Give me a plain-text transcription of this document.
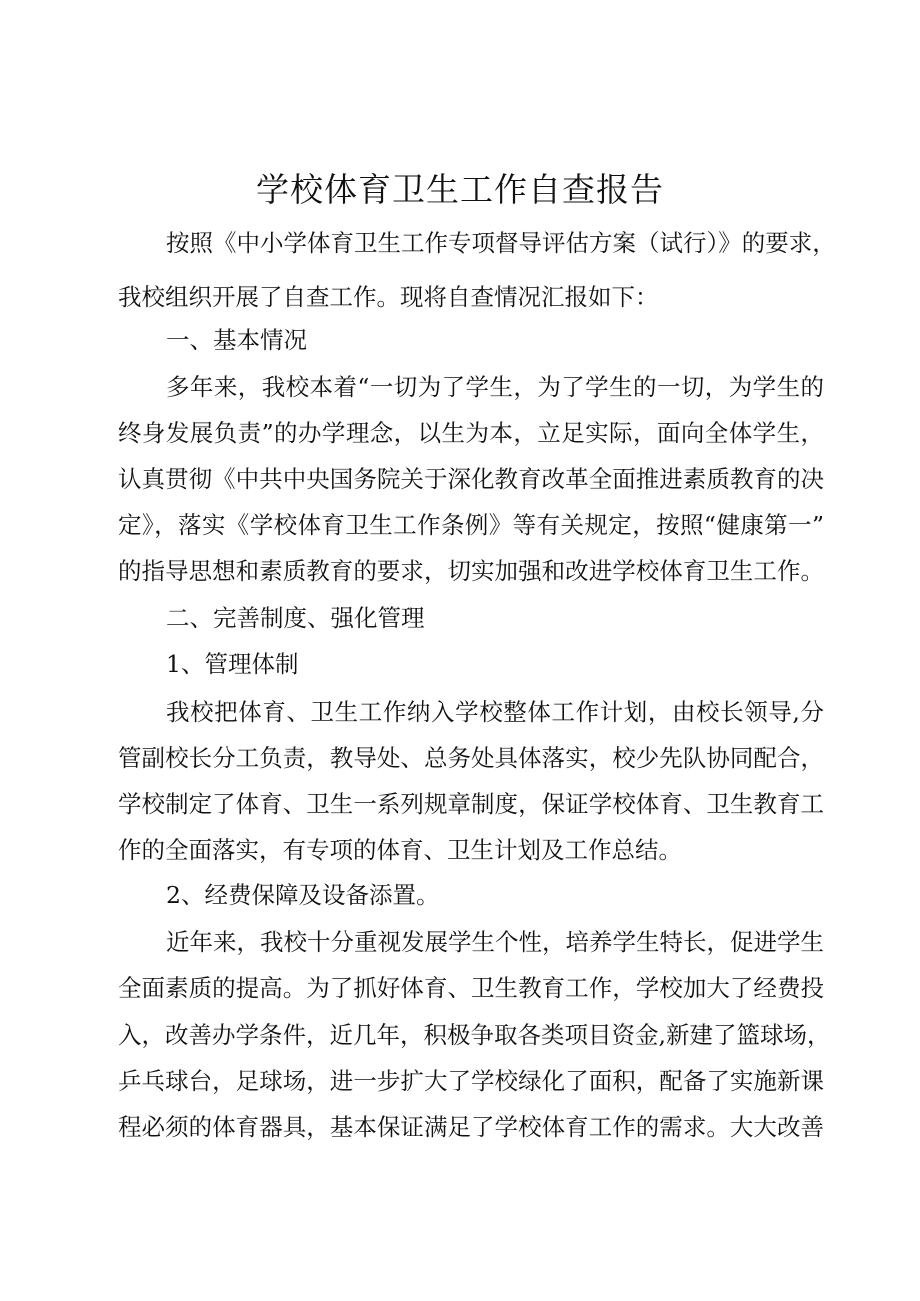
学校体育卫生工作自查报告
按照《中小学体育卫生工作专项督导评估方案（试行）》的要求，
我校组织开展了自查工作。现将自查情况汇报如下：
一、基本情况
多年来，我校本着“一切为了学生，为了学生的一切，为学生的
终身发展负责”的办学理念，以生为本，立足实际，面向全体学生，
认真贯彻《中共中央国务院关于深化教育改革全面推进素质教育的决
定》，落实《学校体育卫生工作条例》等有关规定，按照“健康第一”
的指导思想和素质教育的要求，切实加强和改进学校体育卫生工作。
二、完善制度、强化管理
1、管理体制
我校把体育、卫生工作纳入学校整体工作计划，由校长领导,分
管副校长分工负责，教导处、总务处具体落实，校少先队协同配合，
学校制定了体育、卫生一系列规章制度，保证学校体育、卫生教育工
作的全面落实，有专项的体育、卫生计划及工作总结。
2、经费保障及设备添置。
近年来，我校十分重视发展学生个性，培养学生特长，促进学生
全面素质的提高。为了抓好体育、卫生教育工作，学校加大了经费投
入，改善办学条件，近几年，积极争取各类项目资金,新建了篮球场，
乒乓球台，足球场，进一步扩大了学校绿化了面积，配备了实施新课
程必须的体育器具，基本保证满足了学校体育工作的需求。大大改善
